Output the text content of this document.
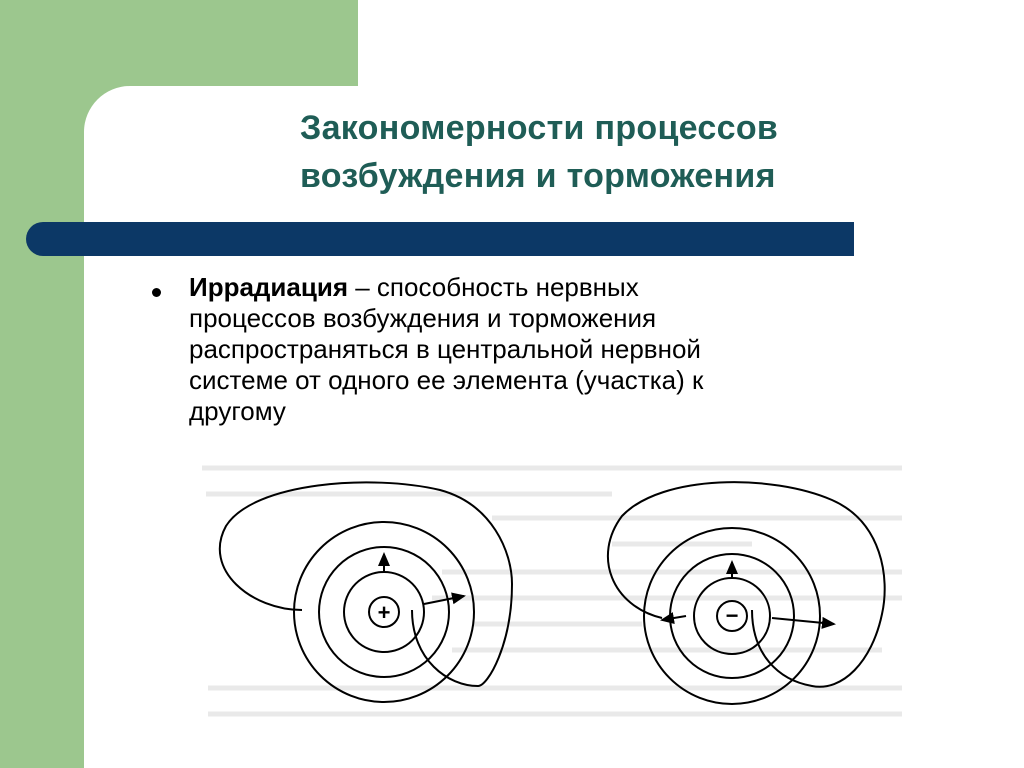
Закономерности процессов
возбуждения и торможения
Иррадиация – способность нервных
процессов возбуждения и торможения
распространяться в центральной нервной
системе от одного ее элемента (участка) к
другому
+	−
